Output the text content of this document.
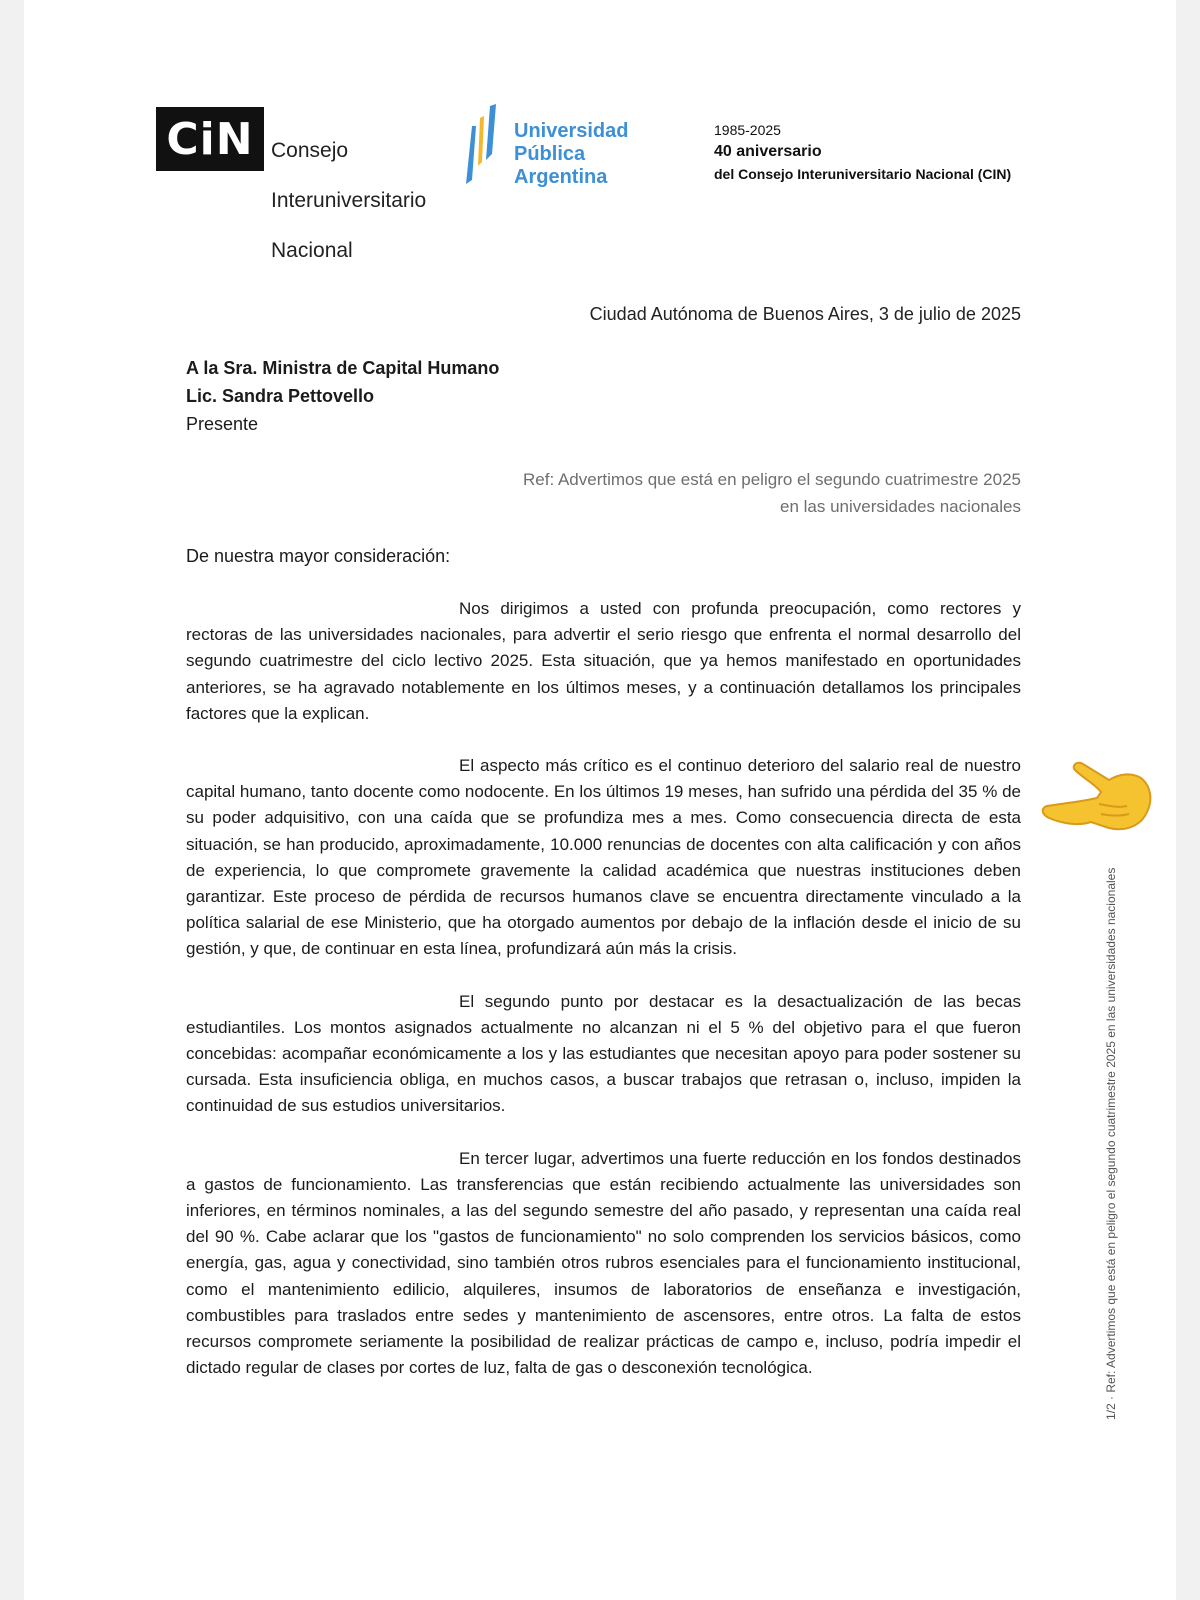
CiN Consejo

Interuniversitario

Nacional

Universidad
Pública
Argentina
1985-2025
40 aniversario
del Consejo Interuniversitario Nacional (CIN)
Ciudad Autónoma de Buenos Aires, 3 de julio de 2025
A la Sra. Ministra de Capital Humano
Lic. Sandra Pettovello
Presente
Ref: Advertimos que está en peligro el segundo cuatrimestre 2025
en las universidades nacionales
De nuestra mayor consideración:

Nos dirigimos a usted con profunda preocupación, como rectores y rectoras de las universidades nacionales, para advertir el serio riesgo que enfrenta el normal desarrollo del segundo cuatrimestre del ciclo lectivo 2025. Esta situación, que ya hemos manifestado en oportunidades anteriores, se ha agravado notablemente en los últimos meses, y a continuación detallamos los principales factores que la explican.

El aspecto más crítico es el continuo deterioro del salario real de nuestro capital humano, tanto docente como nodocente. En los últimos 19 meses, han sufrido una pérdida del 35 % de su poder adquisitivo, con una caída que se profundiza mes a mes. Como consecuencia directa de esta situación, se han producido, aproximadamente, 10.000 renuncias de docentes con alta calificación y con años de experiencia, lo que compromete gravemente la calidad académica que nuestras instituciones deben garantizar. Este proceso de pérdida de recursos humanos clave se encuentra directamente vinculado a la política salarial de ese Ministerio, que ha otorgado aumentos por debajo de la inflación desde el inicio de su gestión, y que, de continuar en esta línea, profundizará aún más la crisis.

El segundo punto por destacar es la desactualización de las becas estudiantiles. Los montos asignados actualmente no alcanzan ni el 5 % del objetivo para el que fueron concebidas: acompañar económicamente a los y las estudiantes que necesitan apoyo para poder sostener su cursada. Esta insuficiencia obliga, en muchos casos, a buscar trabajos que retrasan o, incluso, impiden la continuidad de sus estudios universitarios.

En tercer lugar, advertimos una fuerte reducción en los fondos destinados a gastos de funcionamiento. Las transferencias que están recibiendo actualmente las universidades son inferiores, en términos nominales, a las del segundo semestre del año pasado, y representan una caída real del 90 %. Cabe aclarar que los "gastos de funcionamiento" no solo comprenden los servicios básicos, como energía, gas, agua y conectividad, sino también otros rubros esenciales para el funcionamiento institucional, como el mantenimiento edilicio, alquileres, insumos de laboratorios de enseñanza e investigación, combustibles para traslados entre sedes y mantenimiento de ascensores, entre otros. La falta de estos recursos compromete seriamente la posibilidad de realizar prácticas de campo e, incluso, podría impedir el dictado regular de clases por cortes de luz, falta de gas o desconexión tecnológica.	1/2 · Ref: Advertimos que está en peligro el segundo cuatrimestre 2025 en las universidades nacionales
